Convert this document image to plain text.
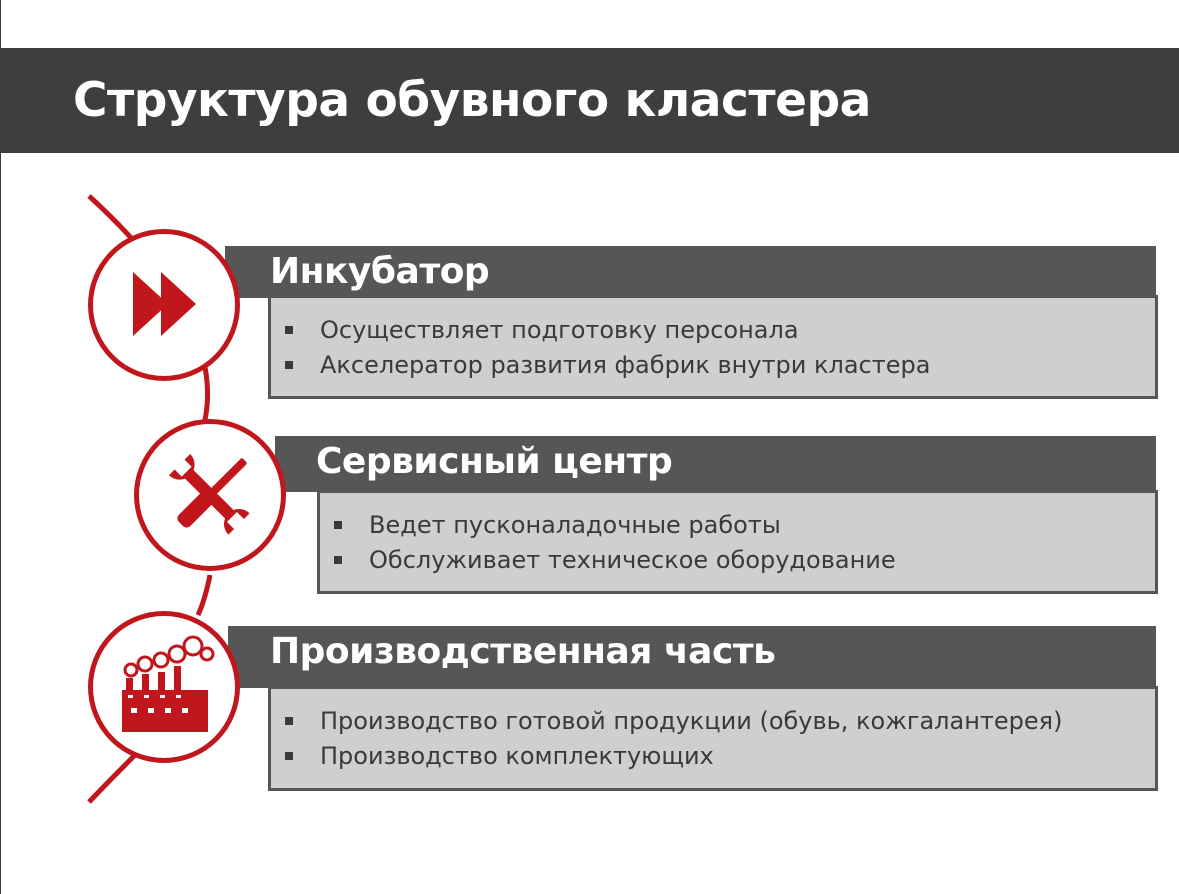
Структура обувного кластера
Инкубатор
Осуществляет подготовку персонала
Акселератор развития фабрик внутри кластера
Сервисный центр
Ведет пусконаладочные работы
Обслуживает техническое оборудование
Производственная часть
Производство готовой продукции (обувь, кожгалантерея)
Производство комплектующих
